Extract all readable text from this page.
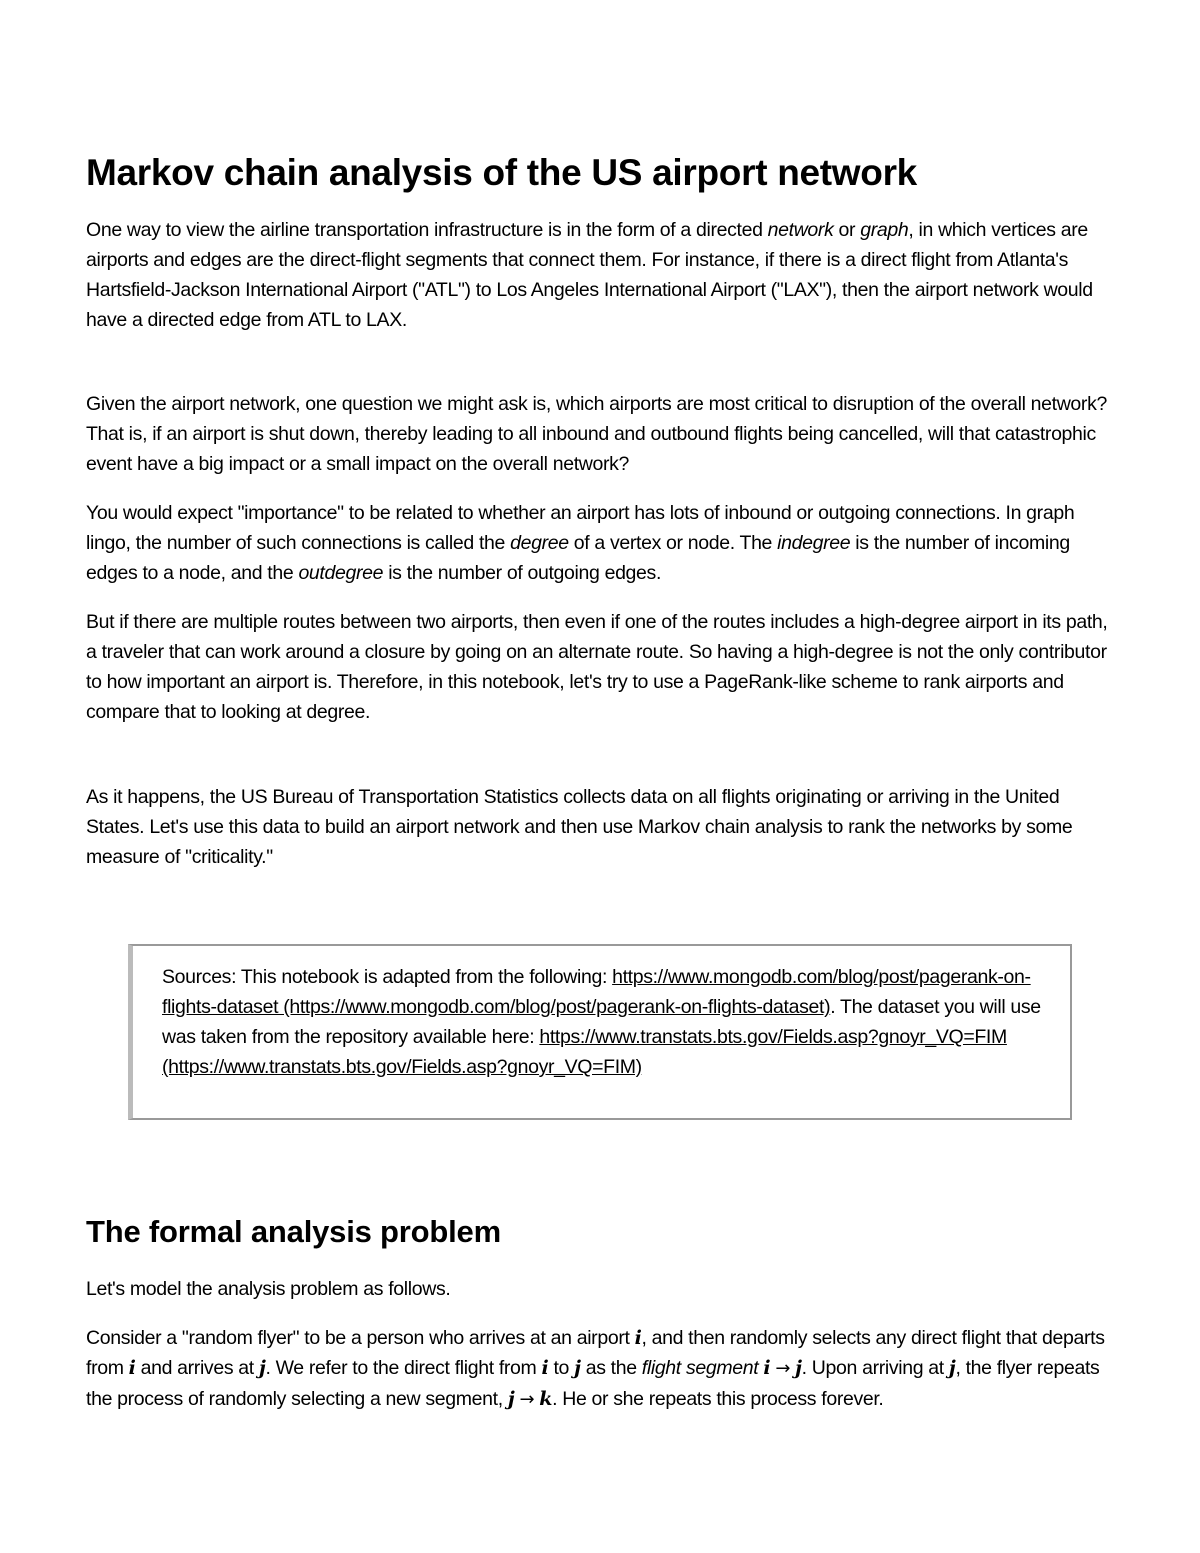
Markov chain analysis of the US airport network

One way to view the airline transportation infrastructure is in the form of a directed network or graph, in which vertices are airports and edges are the direct-flight segments that connect them. For instance, if there is a direct flight from Atlanta's Hartsfield-Jackson International Airport ("ATL") to Los Angeles International Airport ("LAX"), then the airport network would have a directed edge from ATL to LAX.

Given the airport network, one question we might ask is, which airports are most critical to disruption of the overall network? That is, if an airport is shut down, thereby leading to all inbound and outbound flights being cancelled, will that catastrophic event have a big impact or a small impact on the overall network?

You would expect "importance" to be related to whether an airport has lots of inbound or outgoing connections. In graph lingo, the number of such connections is called the degree of a vertex or node. The indegree is the number of incoming edges to a node, and the outdegree is the number of outgoing edges.

But if there are multiple routes between two airports, then even if one of the routes includes a high-degree airport in its path, a traveler that can work around a closure by going on an alternate route. So having a high-degree is not the only contributor to how important an airport is. Therefore, in this notebook, let's try to use a PageRank-like scheme to rank airports and compare that to looking at degree.

As it happens, the US Bureau of Transportation Statistics collects data on all flights originating or arriving in the United States. Let's use this data to build an airport network and then use Markov chain analysis to rank the networks by some measure of "criticality."

Sources: This notebook is adapted from the following: https://www.mongodb.com/blog/post/pagerank-on-flights-dataset (https://www.mongodb.com/blog/post/pagerank-on-flights-dataset). The dataset you will use was taken from the repository available here: https://www.transtats.bts.gov/Fields.asp?gnoyr_VQ=FIM (https://www.transtats.bts.gov/Fields.asp?gnoyr_VQ=FIM)

The formal analysis problem

Let's model the analysis problem as follows.

Consider a "random flyer" to be a person who arrives at an airport i, and then randomly selects any direct flight that departs from i and arrives at j. We refer to the direct flight from i to j as the flight segment i → j. Upon arriving at j, the flyer repeats the process of randomly selecting a new segment, j → k. He or she repeats this process forever.
